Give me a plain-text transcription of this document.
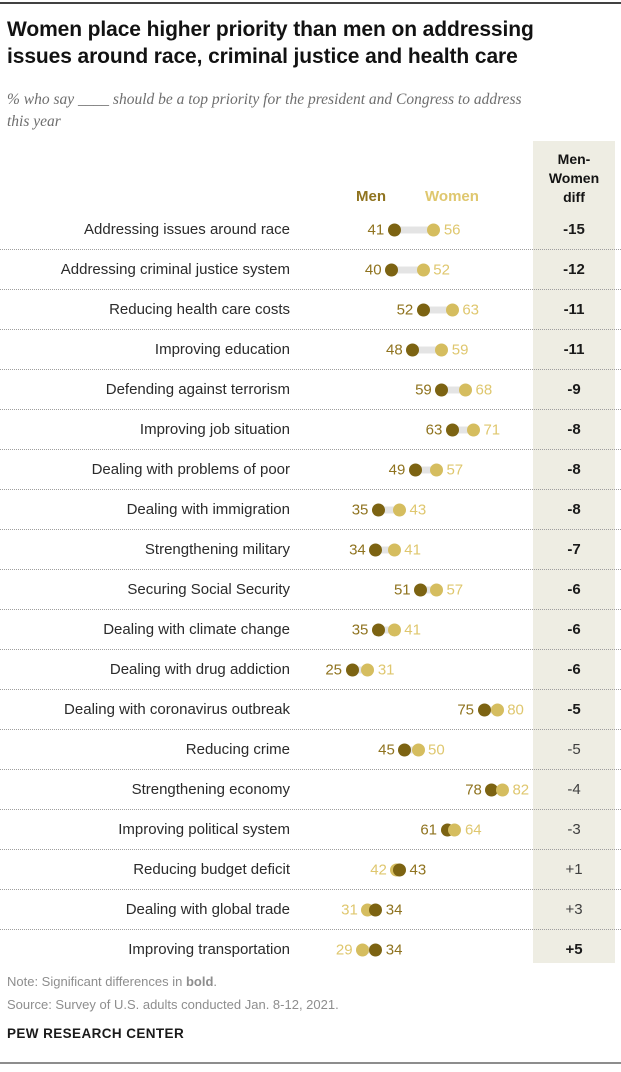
Women place higher priority than men on addressing issues around race, criminal justice and health care
% who say ____ should be a top priority for the president and Congress to address this year
Men	Women
Men-
Women
diff
Addressing issues around race	41	56	-15
Addressing criminal justice system	40	52	-12
Reducing health care costs	52	63	-11
Improving education	48	59	-11
Defending against terrorism	59	68	-9
Improving job situation	63	71	-8
Dealing with problems of poor	49	57	-8
Dealing with immigration	35	43	-8
Strengthening military	34	41	-7
Securing Social Security	51 57	-6
Dealing with climate change	35 41	-6
Dealing with drug addiction 25 31	-6
Dealing with coronavirus outbreak	75 80	-5
Reducing crime	45 50	-5
Strengthening economy	78 82	-4
Improving political system	61 64	-3
Reducing budget deficit	42 43	+1
Dealing with global trade	31 34	+3
Improving transportation	29 34	+5
Note: Significant differences in bold.
Source: Survey of U.S. adults conducted Jan. 8-12, 2021.
PEW RESEARCH CENTER
